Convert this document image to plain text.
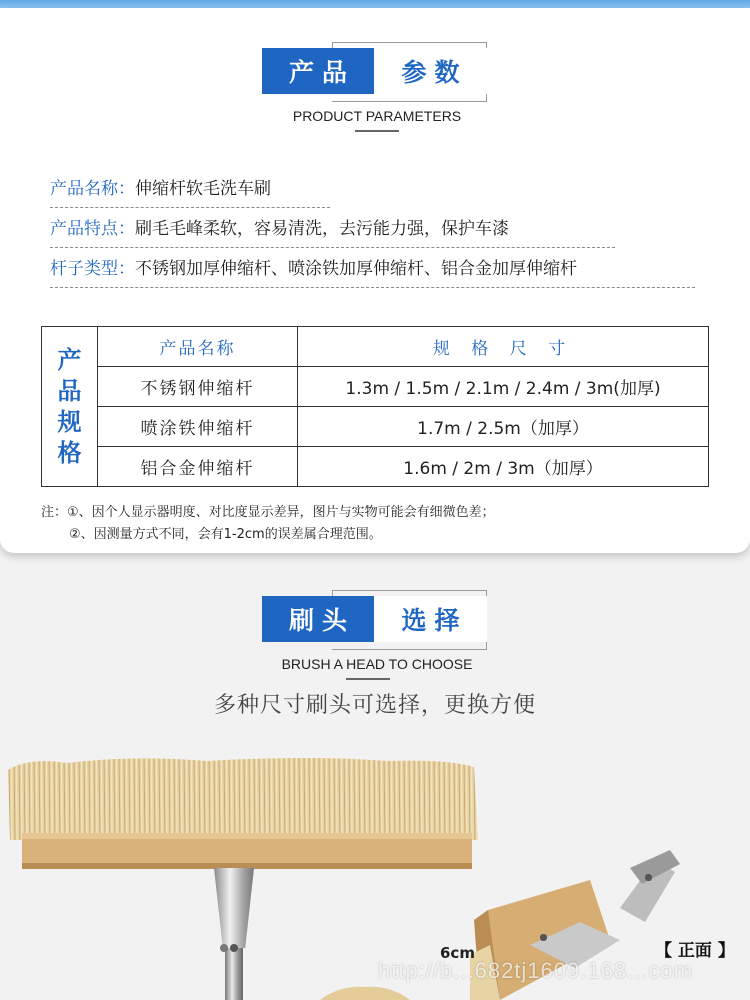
产品	参数
PRODUCT PARAMETERS
产品名称：伸缩杆软毛洗车刷
产品特点：刷毛毛峰柔软，容易清洗，去污能力强，保护车漆
杆子类型：不锈钢加厚伸缩杆、喷涂铁加厚伸缩杆、铝合金加厚伸缩杆
产
品
规
格	产品名称	规 格 尺 寸
	不锈钢伸缩杆	1.3m / 1.5m / 2.1m / 2.4m / 3m(加厚)
	喷涂铁伸缩杆	1.7m / 2.5m（加厚）
	铝合金伸缩杆	1.6m / 2m / 3m（加厚）
注：①、因个人显示器明度、对比度显示差异，图片与实物可能会有细微色差；
②、因测量方式不同，会有1-2cm的误差属合理范围。
刷头	选择
BRUSH A HEAD TO CHOOSE
多种尺寸刷头可选择，更换方便
6cm	【 正面 】
http://b...682tj1609.168...com
